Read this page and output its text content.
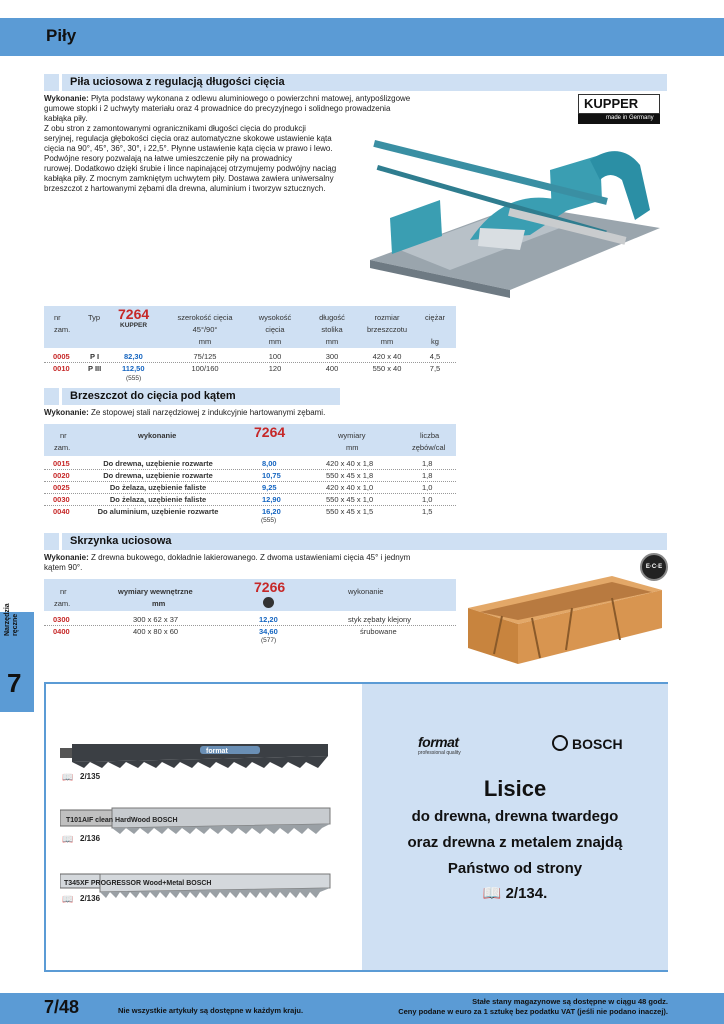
Piły
Piła uciosowa z regulacją długości cięcia
Wykonanie: Płyta podstawy wykonana z odlewu aluminiowego o powierzchni matowej, antypoślizgowe
gumowe stopki i 2 uchwyty materiału oraz 4 prowadnice do precyzyjnego i solidnego prowadzenia
kabłąka piły.
Z obu stron z zamontowanymi ogranicznikami długości cięcia do produkcji
seryjnej, regulacja głębokości cięcia oraz automatyczne skokowe ustawienie kąta
cięcia na 90°, 45°, 36°, 30°, i 22,5°. Płynne ustawienie kąta cięcia w prawo i lewo.
Podwójne resory pozwalają na łatwe umieszczenie piły na prowadnicy
rurowej. Dodatkowo dzięki śrubie i lince napinającej otrzymujemy podwójny naciąg
kabłąka piły. Z mocnym zamkniętym uchwytem piły. Dostawa zawiera uniwersalny
brzeszczot z hartowanymi zębami dla drewna, aluminium i tworzyw sztucznych.
KUPPER
made in Germany
nr
zam.
Typ 7264
KUPPER
szerokość cięcia
45°/90°
mm
wysokość
cięcia
mm
długość
stolika
mm
rozmiar
brzeszczotu
mm
ciężar
kg
0005	P I	82,30	75/125	100	300	420 x 40	4,5
0010 P III	112,50	100/160	120	400	550 x 40	7,5
(555)
Brzeszczot do cięcia pod kątem
Wykonanie: Ze stopowej stali narzędziowej z indukcyjnie hartowanymi zębami.
nr
zam.
wykonanie	7264	wymiary
mm
liczba
zębów/cal
0015	Do drewna, uzębienie rozwarte	8,00	420 x 40 x 1,8	1,8
0020	Do drewna, uzębienie rozwarte	10,75	550 x 45 x 1,8	1,8
0025	Do żelaza, uzębienie faliste	9,25	420 x 40 x 1,0	1,0
0030	Do żelaza, uzębienie faliste	12,90	550 x 45 x 1,0	1,0
0040	Do aluminium, uzębienie rozwarte	16,20	550 x 45 x 1,5	1,5
(555)
Skrzynka uciosowa
Wykonanie: Z drewna bukowego, dokładnie lakierowanego. Z dwoma ustawieniami cięcia 45° i jednym
kątem 90°.
nr
zam.
wymiary wewnętrzne
mm
7266	wykonanie
0300	300 x 62 x 37	12,20	styk zębaty klejony
0400	400 x 80 x 60	34,60	śrubowane
(577)
E·C·E
Narzędzia ręczne
7
format
📖 2/135
T101AIF clean HardWood BOSCH
📖 2/136
T345XF PROGRESSOR Wood+Metal BOSCH
📖 2/136
format
professional quality
BOSCH
Lisice
do drewna, drewna twardego
oraz drewna z metalem znajdą
Państwo od strony
📖 2/134.
7/48	Nie wszystkie artykuły są dostępne w każdym kraju.
Stałe stany magazynowe są dostępne w ciągu 48 godz.
Ceny podane w euro za 1 sztukę bez podatku VAT (jeśli nie podano inaczej).
